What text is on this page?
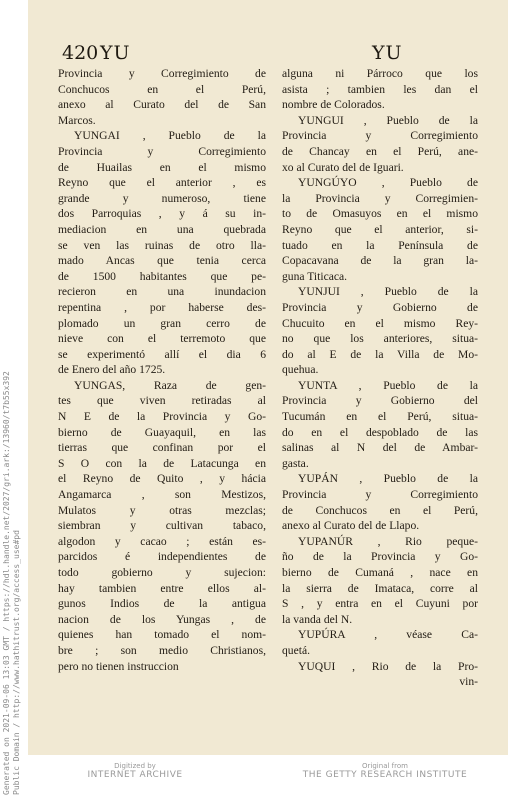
420 YU	YU
Provincia y Corregimiento de
Conchucos en el Perú,
anexo al Curato del de San
Marcos.
YUNGAI , Pueblo de la
Provincia y Corregimiento
de Huailas en el mismo
Reyno que el anterior , es
grande y numeroso, tiene
dos Parroquias , y á su in-
mediacion en una quebrada
se ven las ruinas de otro lla-
mado Ancas que tenia cerca
de 1500 habitantes que pe-
recieron en una inundacion
repentina , por haberse des-
plomado un gran cerro de
nieve con el terremoto que
se experimentó allí el dia 6
de Enero del año 1725.
YUNGAS, Raza de gen-
tes que viven retiradas al
N E de la Provincia y Go-
bierno de Guayaquil, en las
tierras que confinan por el
S O con la de Latacunga en
el Reyno de Quito , y hácia
Angamarca , son Mestizos,
Mulatos y otras mezclas;
siembran y cultivan tabaco,
algodon y cacao ; están es-
parcidos é independientes de
todo gobierno y sujecion:
hay tambien entre ellos al-
gunos Indios de la antigua
nacion de los Yungas , de
quienes han tomado el nom-
bre ; son medio Christianos,
pero no tienen instruccion
alguna ni Párroco que los
asista ; tambien les dan el
nombre de Colorados.
YUNGUI , Pueblo de la
Provincia y Corregimiento
de Chancay en el Perú, ane-
xo al Curato del de Iguari.
YUNGÚYO , Pueblo de
la Provincia y Corregimien-
to de Omasuyos en el mismo
Reyno que el anterior, si-
tuado en la Península de
Copacavana de la gran la-
guna Titicaca.
YUNJUI , Pueblo de la
Provincia y Gobierno de
Chucuito en el mismo Rey-
no que los anteriores, situa-
do al E de la Villa de Mo-
quehua.
YUNTA , Pueblo de la
Provincia y Gobierno del
Tucumán en el Perú, situa-
do en el despoblado de las
salinas al N del de Ambar-
gasta.
YUPÁN , Pueblo de la
Provincia y Corregimiento
de Conchucos en el Perú,
anexo al Curato del de Llapo.
YUPANÚR , Rio peque-
ño de la Provincia y Go-
bierno de Cumaná , nace en
la sierra de Imataca, corre al
S , y entra en el Cuyuni por
la vanda del N.
YUPÚRA , véase Ca-
quetá.
YUQUI , Rio de la Pro-
vin-
Generated on 2021-09-06 13:03 GMT / https://hdl.handle.net/2027/gri.ark:/13960/t7b55x392 Public Domain / http://www.hathitrust.org/access_use#pd	Digitized by
INTERNET ARCHIVE
Original from
THE GETTY RESEARCH INSTITUTE
